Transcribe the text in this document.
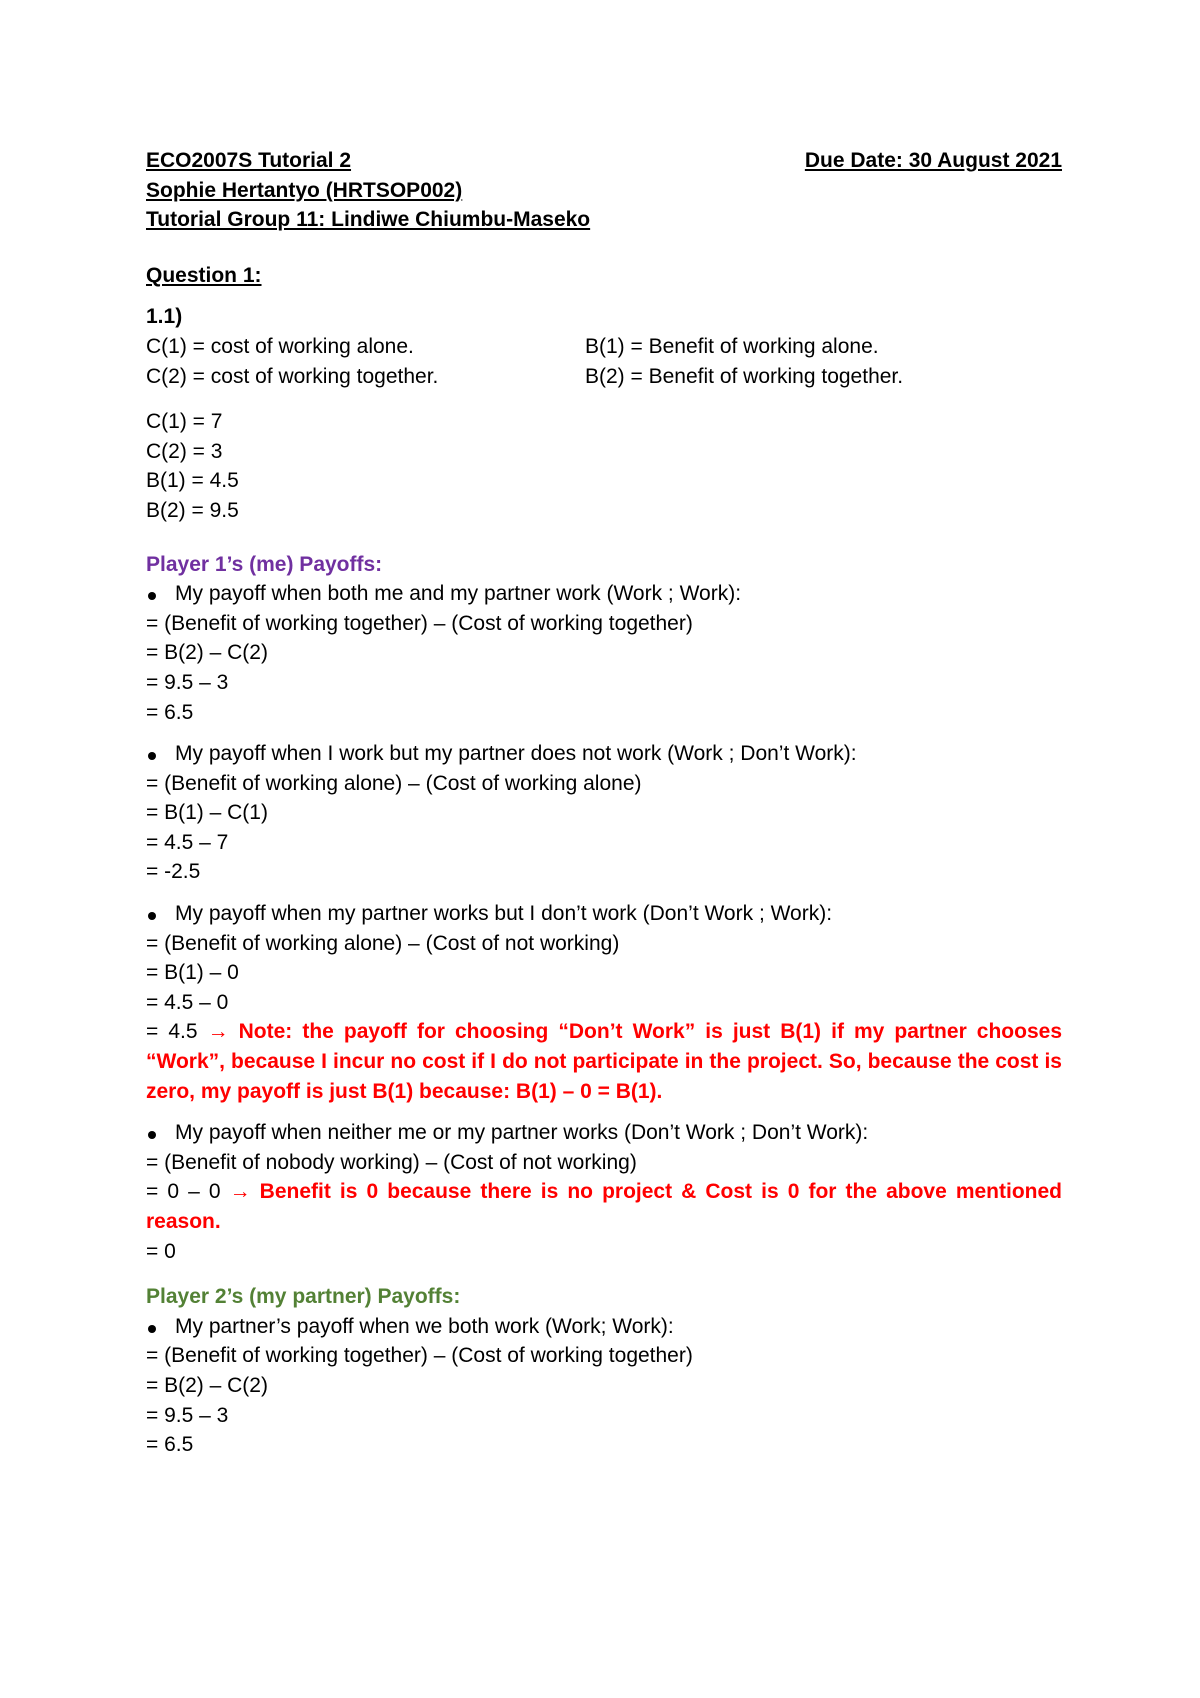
ECO2007S Tutorial 2	Due Date: 30 August 2021

Sophie Hertantyo (HRTSOP002)

Tutorial Group 11: Lindiwe Chiumbu-Maseko

Question 1:

1.1)

C(1) = cost of working alone.	B(1) = Benefit of working alone.

C(2) = cost of working together.	B(2) = Benefit of working together.

C(1) = 7

C(2) = 3

B(1) = 4.5

B(2) = 9.5

Player 1’s (me) Payoffs:

My payoff when both me and my partner work (Work ; Work):

= (Benefit of working together) – (Cost of working together)

= B(2) – C(2)

= 9.5 – 3

= 6.5

My payoff when I work but my partner does not work (Work ; Don’t Work):

= (Benefit of working alone) – (Cost of working alone)

= B(1) – C(1)

= 4.5 – 7

= -2.5

My payoff when my partner works but I don’t work (Don’t Work ; Work):

= (Benefit of working alone) – (Cost of not working)

= B(1) – 0

= 4.5 – 0

= 4.5 → Note: the payoff for choosing “Don’t Work” is just B(1) if my partner chooses “Work”, because I incur no cost if I do not participate in the project. So, because the cost is zero, my payoff is just B(1) because: B(1) – 0 = B(1).

My payoff when neither me or my partner works (Don’t Work ; Don’t Work):

= (Benefit of nobody working) – (Cost of not working)

= 0 – 0 → Benefit is 0 because there is no project & Cost is 0 for the above mentioned reason.

= 0

Player 2’s (my partner) Payoffs:

My partner’s payoff when we both work (Work; Work):

= (Benefit of working together) – (Cost of working together)

= B(2) – C(2)

= 9.5 – 3

= 6.5
